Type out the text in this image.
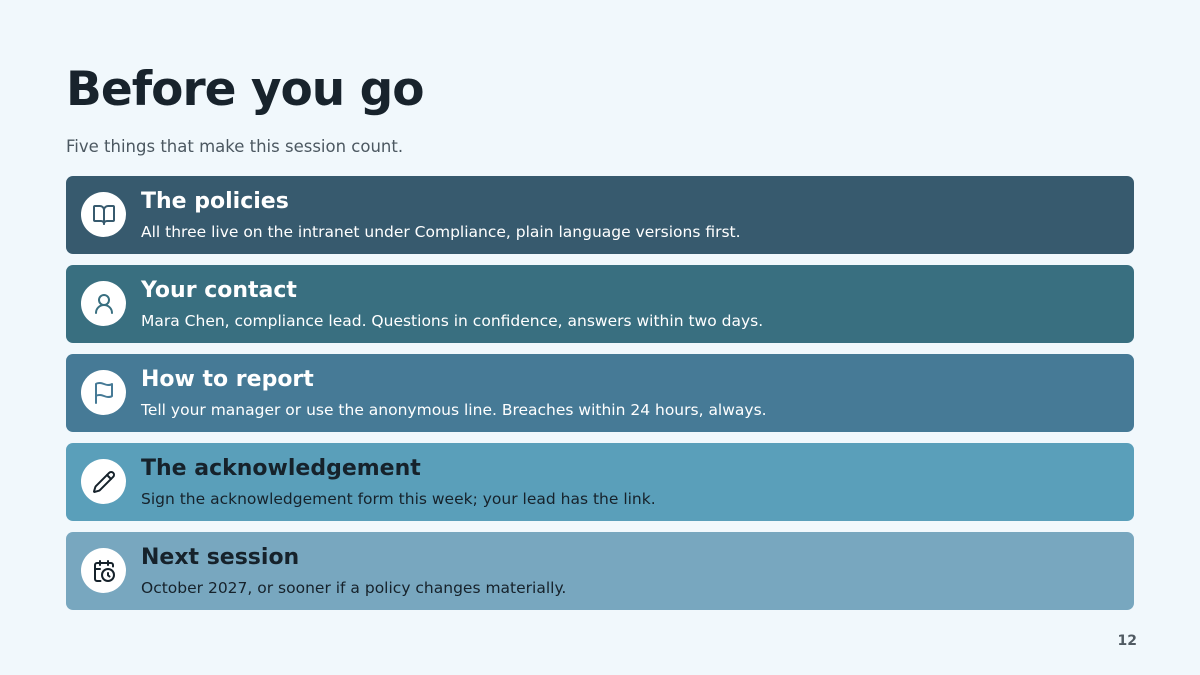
Before you go

Five things that make this session count.

The policies
All three live on the intranet under Compliance, plain language versions first.
Your contact
Mara Chen, compliance lead. Questions in confidence, answers within two days.
How to report
Tell your manager or use the anonymous line. Breaches within 24 hours, always.
The acknowledgement
Sign the acknowledgement form this week; your lead has the link.
Next session
October 2027, or sooner if a policy changes materially.
12
